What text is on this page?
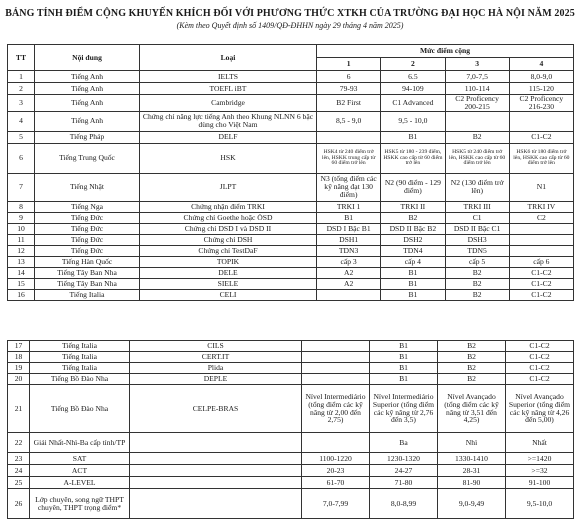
BẢNG TÍNH ĐIỂM CỘNG KHUYẾN KHÍCH ĐỐI VỚI PHƯƠNG THỨC XTKH CỦA TRƯỜNG ĐẠI HỌC HÀ NỘI NĂM 2025
(Kèm theo Quyết định số 1409/QĐ-ĐHHN ngày 29 tháng 4 năm 2025)
TT	Nội dung	Loại	Mức điểm cộng			
			1	2	3	4
1	Tiếng Anh	IELTS	6	6.5	7,0-7,5	8,0-9,0
2	Tiếng Anh	TOEFL iBT	79-93	94-109	110-114	115-120
3	Tiếng Anh	Cambridge	B2 First	C1 Advanced	C2 Proficency 200-215	C2 Proficency 216-230
4	Tiếng Anh	Chứng chỉ năng lực tiếng Anh theo Khung NLNN 6 bậc dùng cho Việt Nam	8,5 - 9,0	9,5 - 10,0		
5	Tiếng Pháp	DELF		B1	B2	C1-C2
6	Tiếng Trung Quốc	HSK	HSK4 từ 240 điểm trở lên, HSKK trung cấp từ 60 điểm trở lên	HSK5 từ 180 - 239 điểm, HSKK cao cấp từ 60 điểm trở lên	HSK5 từ 240 điểm trở lên, HSKK cao cấp từ 60 điểm trở lên	HSK6 từ 180 điểm trở lên, HSKK cao cấp từ 60 điểm trở lên
7	Tiếng Nhật	JLPT	N3 (tổng điểm các kỹ năng đạt 130 điểm)	N2 (90 điểm - 129 điểm)	N2 (130 điểm trở lên)	N1
8	Tiếng Nga	Chứng nhận điểm TRKI	TRKI 1	TRKI II	TRKI III	TRKI IV
9	Tiếng Đức	Chứng chỉ Goethe hoặc ÖSD	B1	B2	C1	C2
10	Tiếng Đức	Chứng chỉ DSD I và DSD II	DSD I Bậc B1	DSD II Bậc B2	DSD II Bậc C1	
11	Tiếng Đức	Chứng chỉ DSH	DSH1	DSH2	DSH3	
12	Tiếng Đức	Chứng chỉ TestDaF	TDN3	TDN4	TDN5	
13	Tiếng Hàn Quốc	TOPIK	cấp 3	cấp 4	cấp 5	cấp 6
14	Tiếng Tây Ban Nha	DELE	A2	B1	B2	C1-C2
15	Tiếng Tây Ban Nha	SIELE	A2	B1	B2	C1-C2
16	Tiếng Italia	CELI		B1	B2	C1-C2
17	Tiếng Italia	CILS		B1	B2	C1-C2
18	Tiếng Italia	CERT.IT		B1	B2	C1-C2
19	Tiếng Italia	Plida		B1	B2	C1-C2
20	Tiếng Bồ Đào Nha	DEPLE		B1	B2	C1-C2
21	Tiếng Bồ Đào Nha	CELPE-BRAS	Nível Intermediário (tổng điểm các kỹ năng từ 2,00 đến 2,75)	Nível Intermediário Superior (tổng điểm các kỹ năng từ 2,76 đến 3,5)	Nível Avançado (tổng điểm các kỹ năng từ 3,51 đến 4,25)	Nível Avançado Superior (tổng điểm các kỹ năng từ 4,26 đến 5,00)
22	Giải Nhất-Nhì-Ba cấp tỉnh/TP			Ba	Nhì	Nhất
23	SAT		1100-1220	1230-1320	1330-1410	>=1420
24	ACT		20-23	24-27	28-31	>=32
25	A-LEVEL		61-70	71-80	81-90	91-100
26	Lớp chuyên, song ngữ THPT chuyên, THPT trọng điểm*		7,0-7,99	8,0-8,99	9,0-9,49	9,5-10,0
